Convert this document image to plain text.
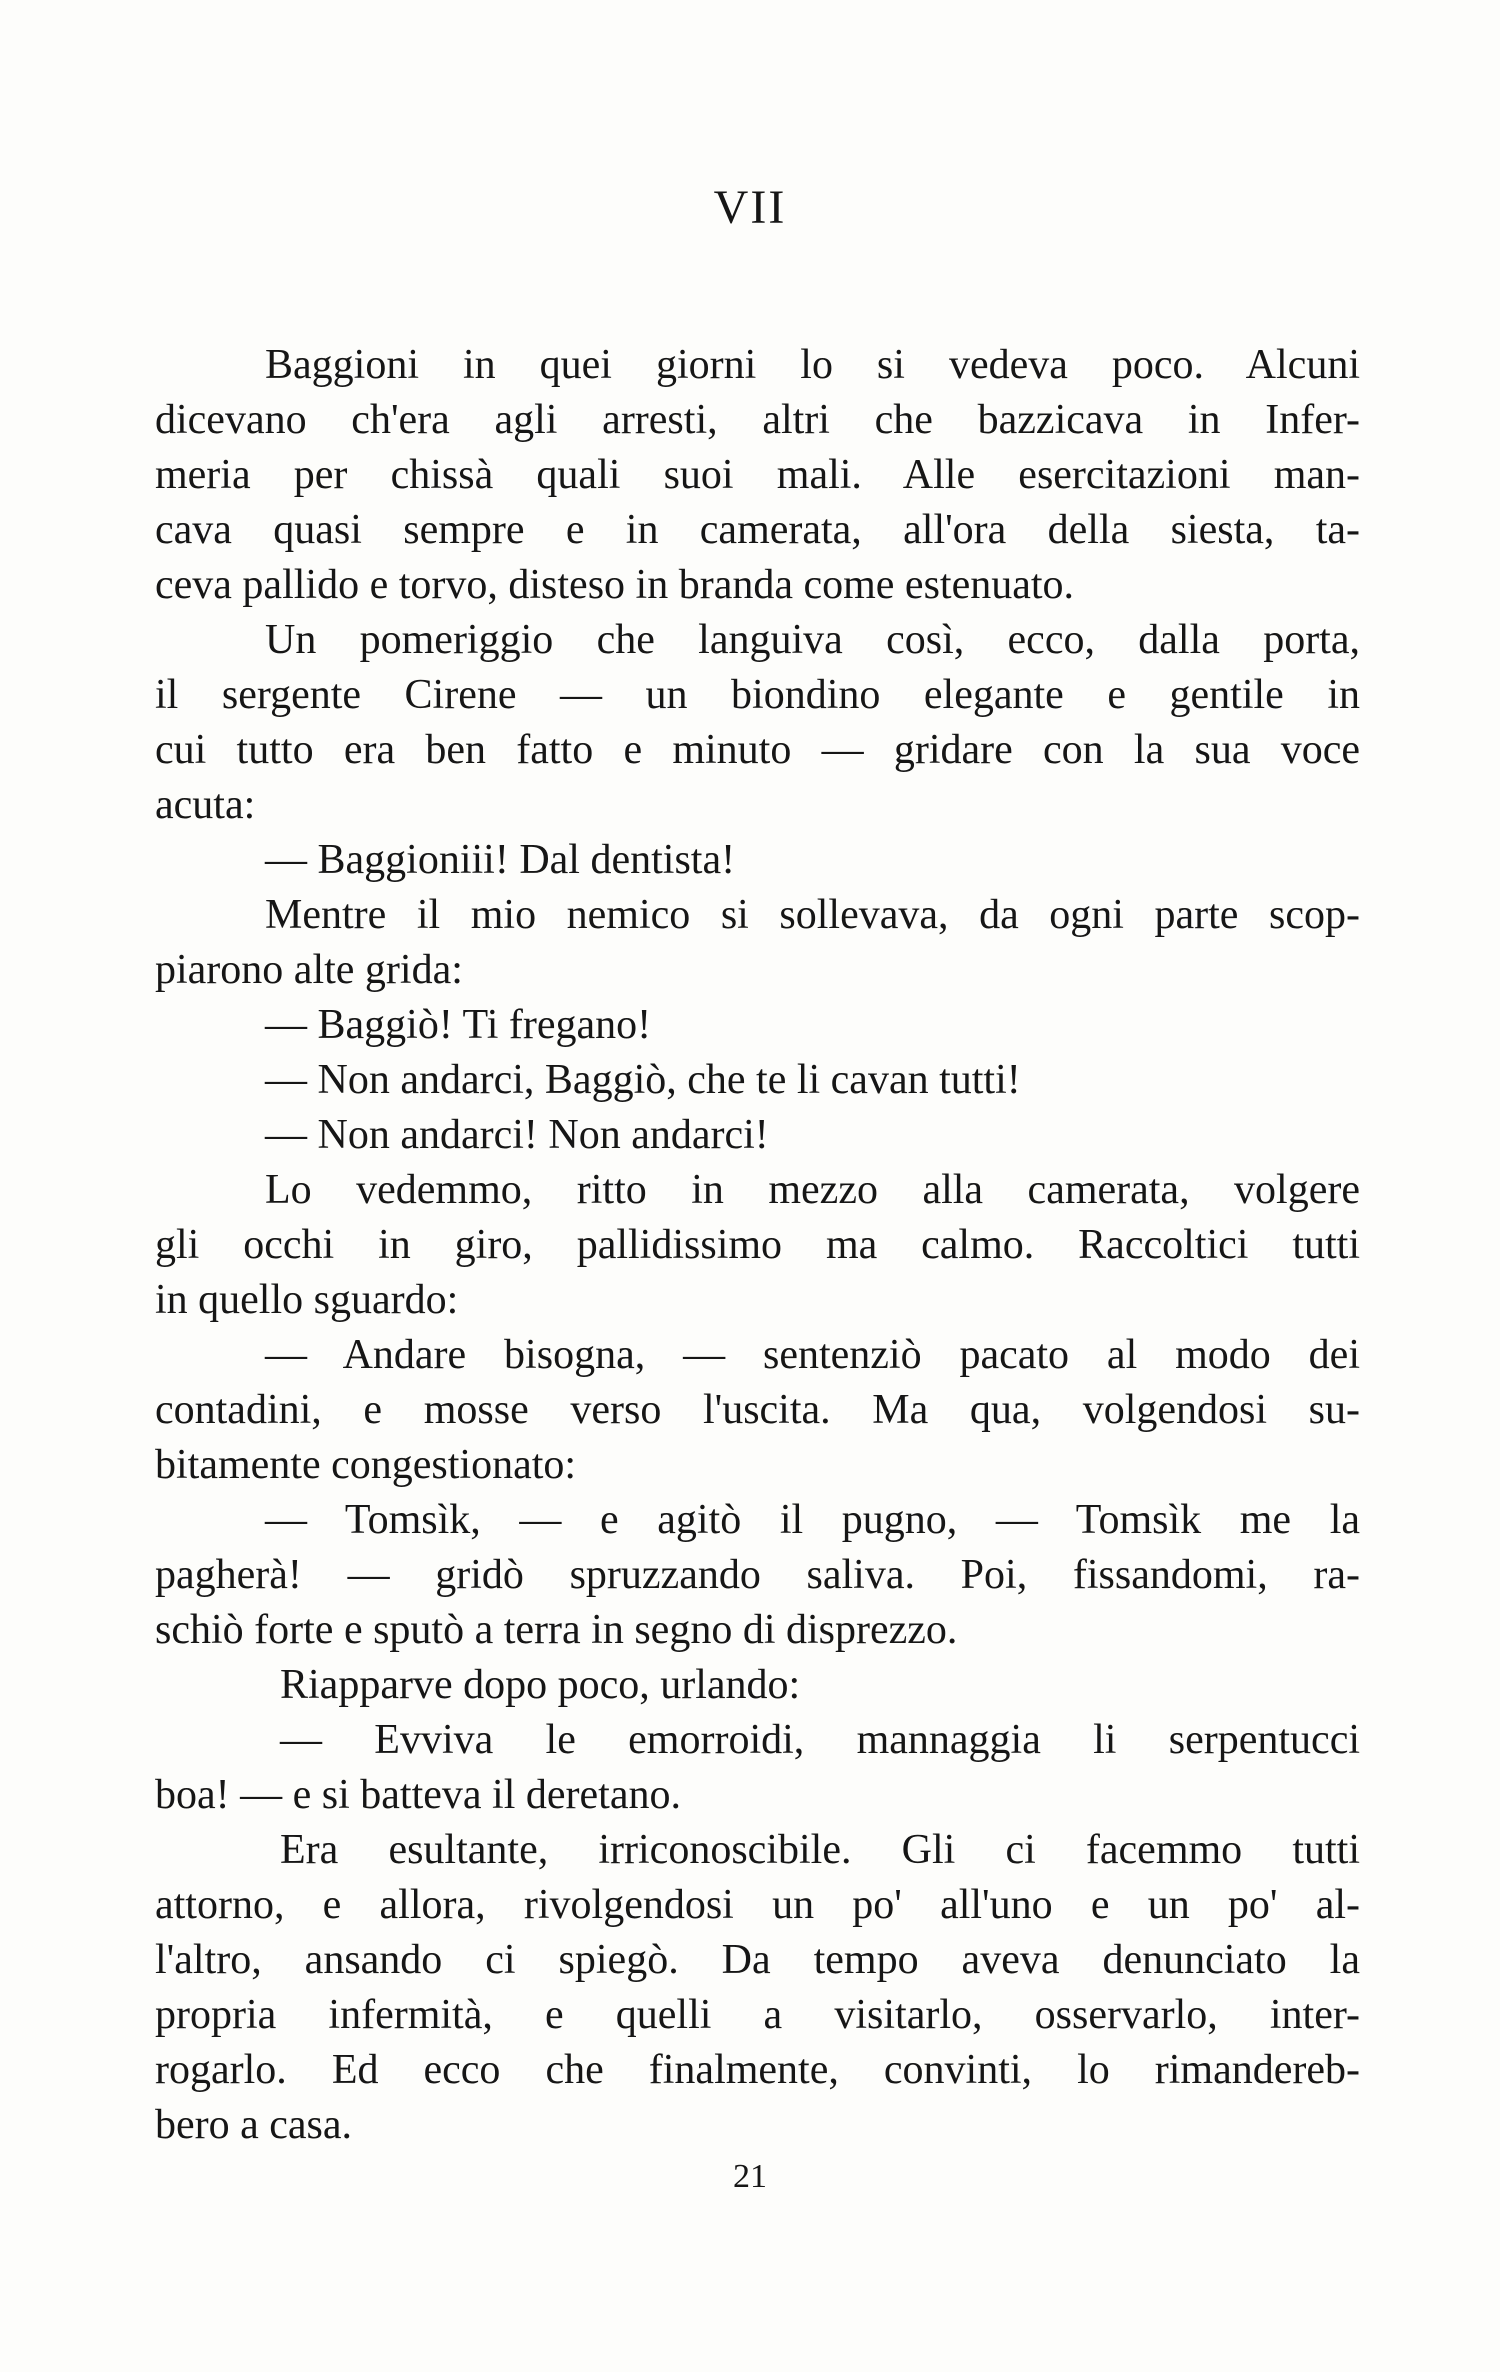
VII

Baggioni in quei giorni lo si vedeva poco. Alcuni

dicevano ch'era agli arresti, altri che bazzicava in Infer-

meria per chissà quali suoi mali. Alle esercitazioni man-

cava quasi sempre e in camerata, all'ora della siesta, ta-

ceva pallido e torvo, disteso in branda come estenuato.

Un pomeriggio che languiva così, ecco, dalla porta,

il sergente Cirene — un biondino elegante e gentile in

cui tutto era ben fatto e minuto — gridare con la sua voce

acuta:

— Baggioniii! Dal dentista!

Mentre il mio nemico si sollevava, da ogni parte scop-

piarono alte grida:

— Baggiò! Ti fregano!

— Non andarci, Baggiò, che te li cavan tutti!

— Non andarci! Non andarci!

Lo vedemmo, ritto in mezzo alla camerata, volgere

gli occhi in giro, pallidissimo ma calmo. Raccoltici tutti

in quello sguardo:

— Andare bisogna, — sentenziò pacato al modo dei

contadini, e mosse verso l'uscita. Ma qua, volgendosi su-

bitamente congestionato:

— Tomsìk, — e agitò il pugno, — Tomsìk me la

pagherà! — gridò spruzzando saliva. Poi, fissandomi, ra-

schiò forte e sputò a terra in segno di disprezzo.

Riapparve dopo poco, urlando:

— Evviva le emorroidi, mannaggia li serpentucci

boa! — e si batteva il deretano.

Era esultante, irriconoscibile. Gli ci facemmo tutti

attorno, e allora, rivolgendosi un po' all'uno e un po' al-

l'altro, ansando ci spiegò. Da tempo aveva denunciato la

propria infermità, e quelli a visitarlo, osservarlo, inter-

rogarlo. Ed ecco che finalmente, convinti, lo rimandereb-

bero a casa.

21
